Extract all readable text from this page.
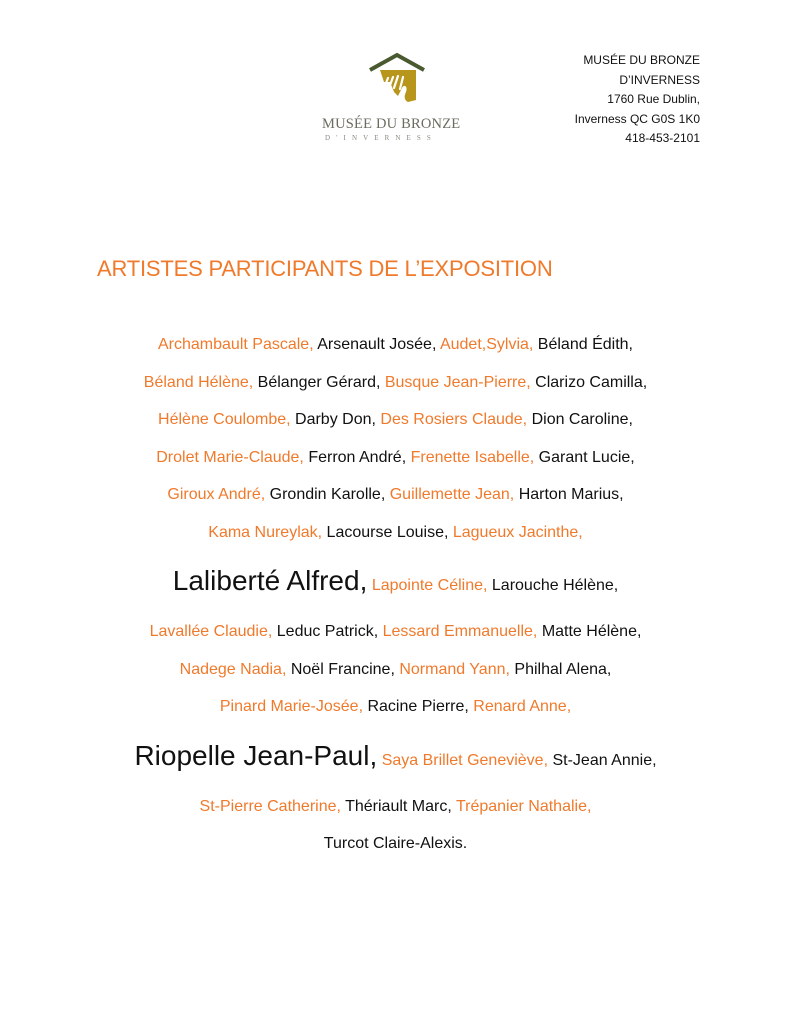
MUSÉE DU BRONZE
D'INVERNESS
MUSÉE DU BRONZE
D’INVERNESS
1760 Rue Dublin,
Inverness QC G0S 1K0
418-453-2101
ARTISTES PARTICIPANTS DE L’EXPOSITION
Archambault Pascale, Arsenault Josée, Audet,Sylvia, Béland Édith,
Béland Hélène, Bélanger Gérard, Busque Jean-Pierre, Clarizo Camilla,
Hélène Coulombe, Darby Don, Des Rosiers Claude, Dion Caroline,
Drolet Marie-Claude, Ferron André, Frenette Isabelle, Garant Lucie,
Giroux André, Grondin Karolle, Guillemette Jean, Harton Marius,
Kama Nureylak, Lacourse Louise, Lagueux Jacinthe,
Laliberté Alfred, Lapointe Céline, Larouche Hélène,
Lavallée Claudie, Leduc Patrick, Lessard Emmanuelle, Matte Hélène,
Nadege Nadia, Noël Francine, Normand Yann, Philhal Alena,
Pinard Marie-Josée, Racine Pierre, Renard Anne,
Riopelle Jean-Paul, Saya Brillet Geneviève, St-Jean Annie,
St-Pierre Catherine, Thériault Marc, Trépanier Nathalie,
Turcot Claire-Alexis.
